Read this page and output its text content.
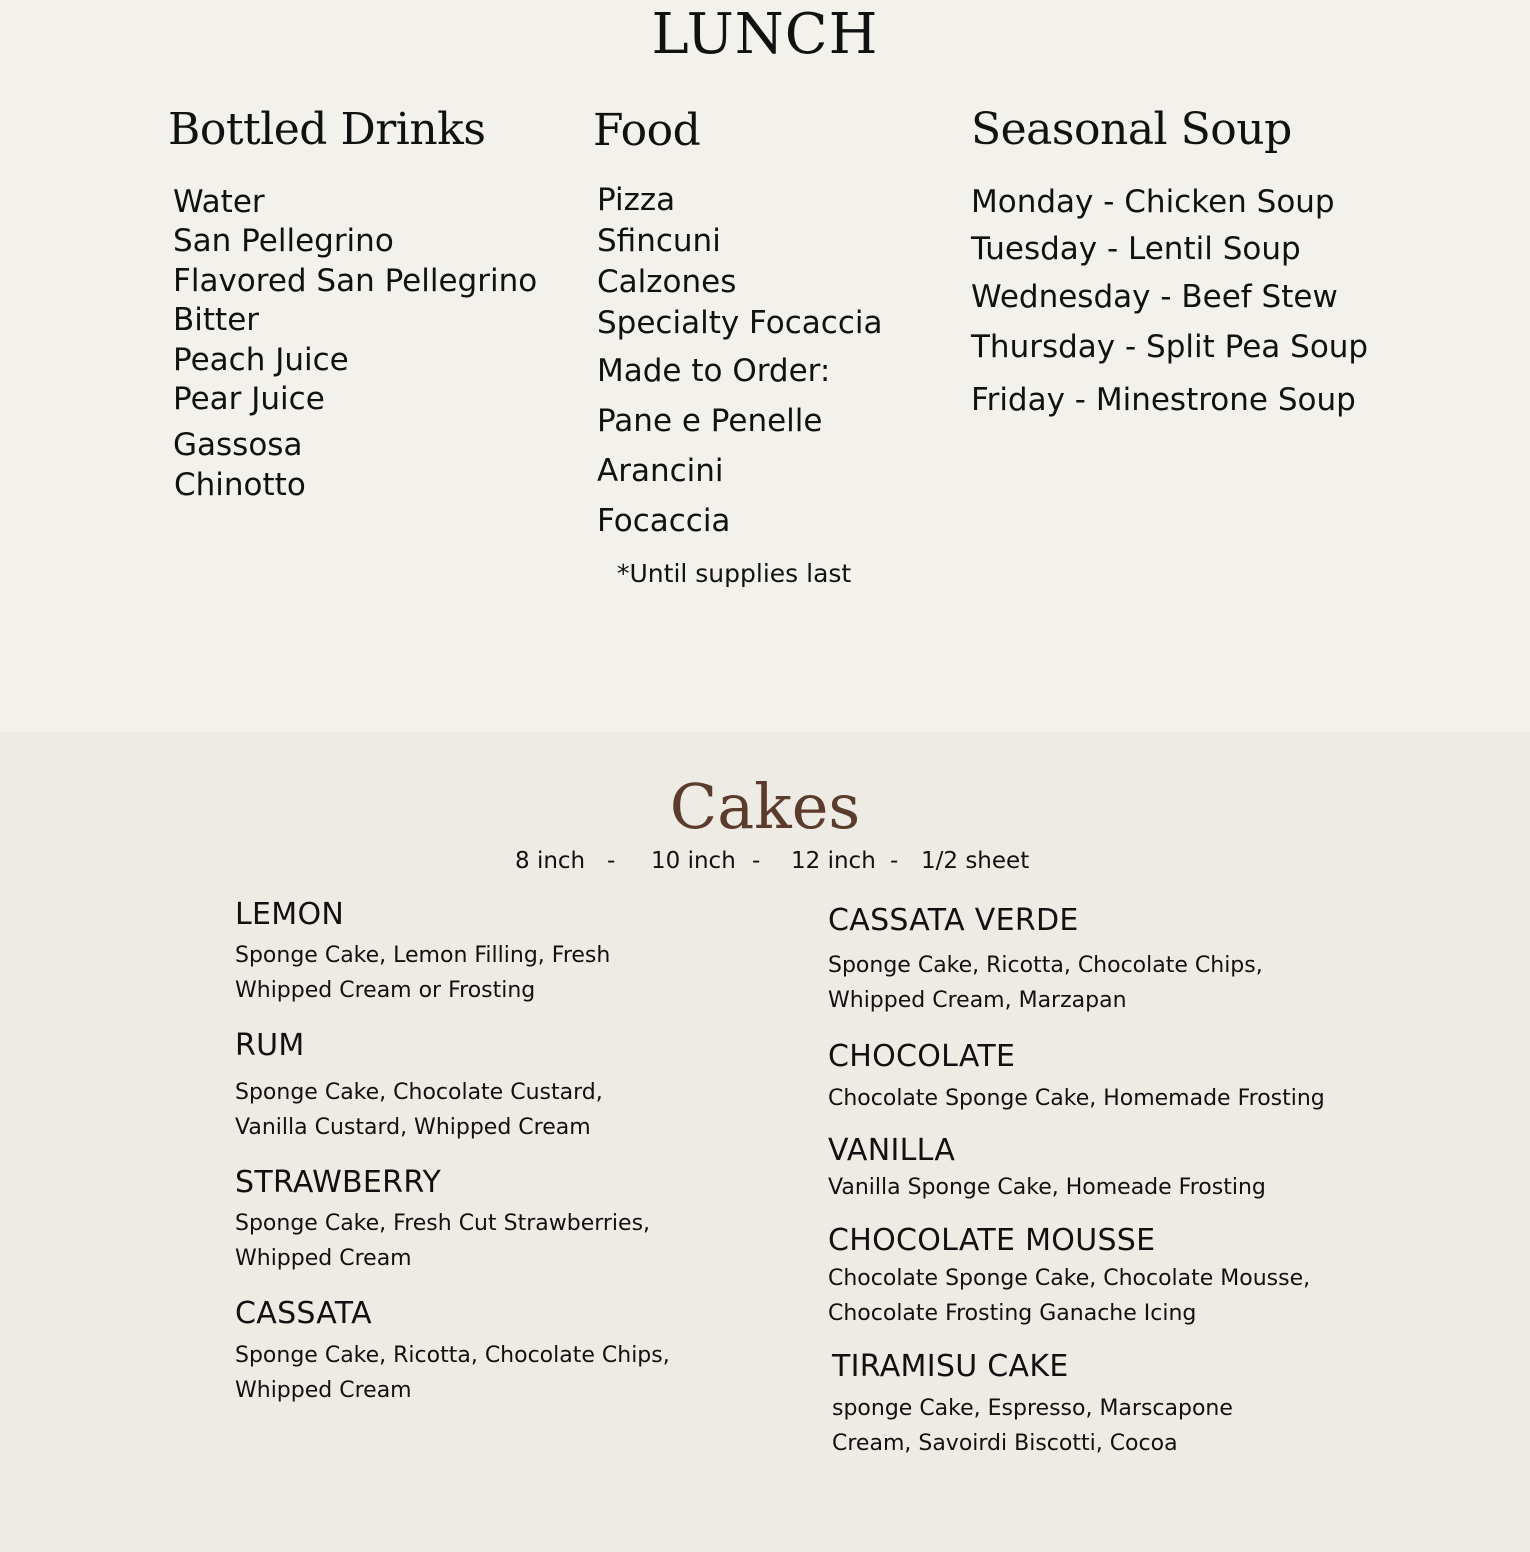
LUNCH
Bottled Drinks

Water

San Pellegrino

Flavored San Pellegrino

Bitter

Peach Juice

Pear Juice

Gassosa

Chinotto

Food

Pizza

Sfincuni

Calzones

Specialty Focaccia

Made to Order:

Pane e Penelle

Arancini

Focaccia

*Until supplies last

Seasonal Soup

Monday - Chicken Soup

Tuesday - Lentil Soup

Wednesday - Beef Stew

Thursday - Split Pea Soup

Friday - Minestrone Soup

Cakes
8 inch - 10 inch - 12 inch - 1/2 sheet

LEMON

Sponge Cake, Lemon Filling, Fresh
Whipped Cream or Frosting

RUM

Sponge Cake, Chocolate Custard,
Vanilla Custard, Whipped Cream

STRAWBERRY

Sponge Cake, Fresh Cut Strawberries,
Whipped Cream

CASSATA

Sponge Cake, Ricotta, Chocolate Chips,
Whipped Cream

CASSATA VERDE

Sponge Cake, Ricotta, Chocolate Chips,
Whipped Cream, Marzapan

CHOCOLATE

Chocolate Sponge Cake, Homemade Frosting

VANILLA

Vanilla Sponge Cake, Homeade Frosting

CHOCOLATE MOUSSE

Chocolate Sponge Cake, Chocolate Mousse,
Chocolate Frosting Ganache Icing

TIRAMISU CAKE

sponge Cake, Espresso, Marscapone
Cream, Savoirdi Biscotti, Cocoa
